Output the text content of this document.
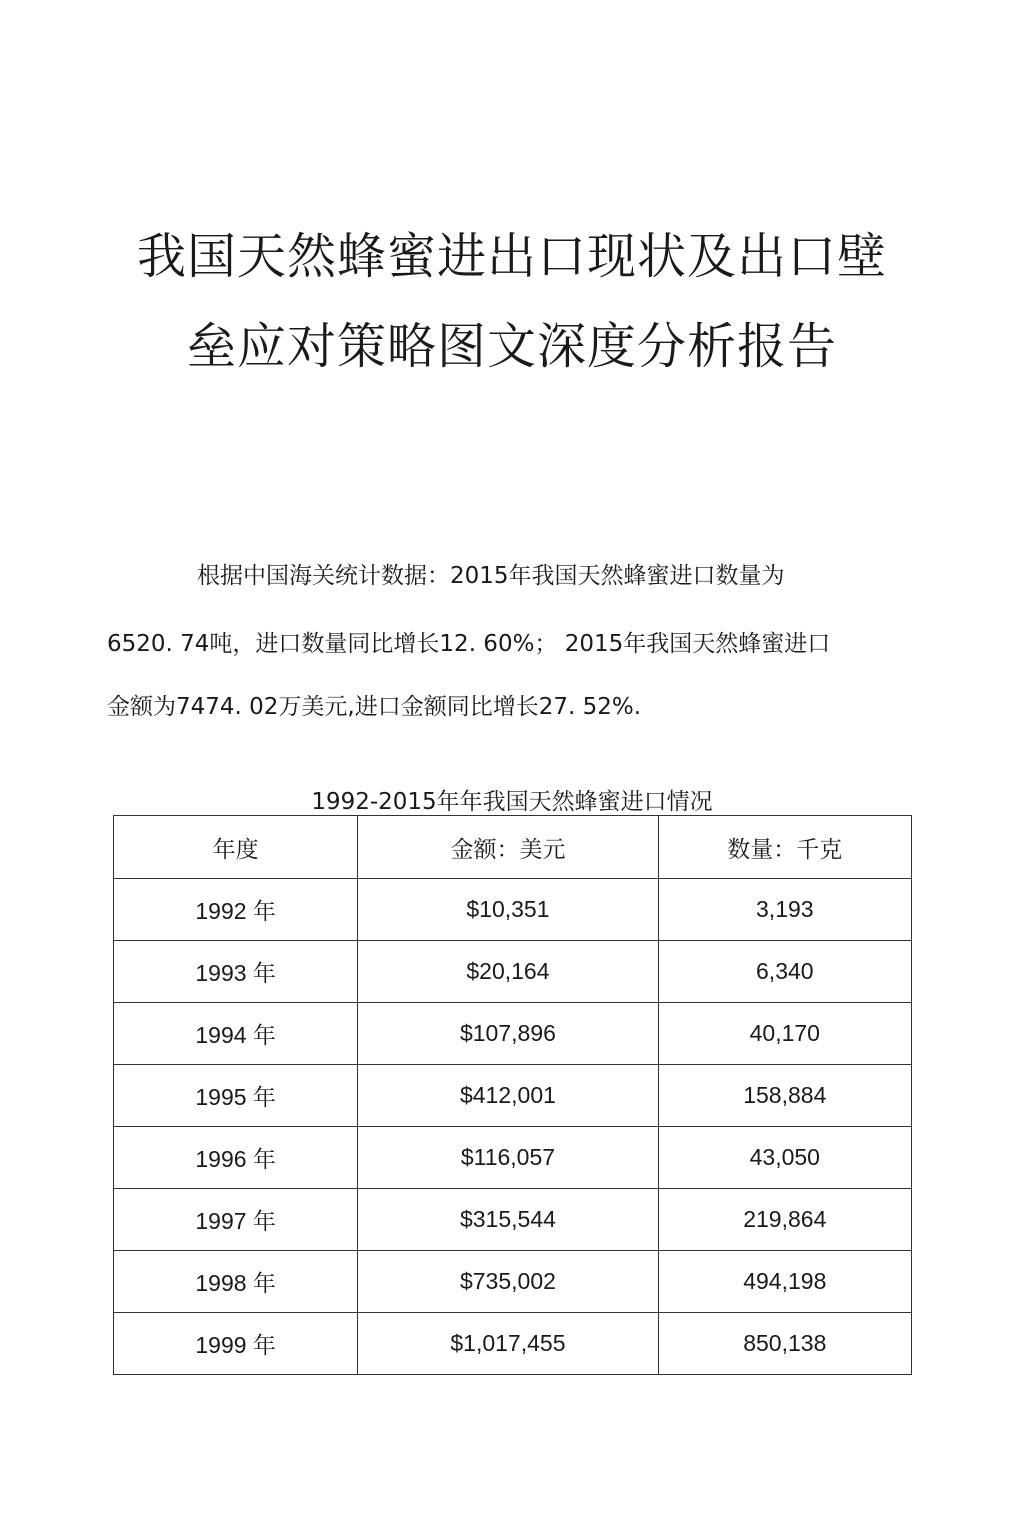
我国天然蜂蜜进出口现状及出口壁
垒应对策略图文深度分析报告

根据中国海关统计数据：2015年我国天然蜂蜜进口数量为

6520. 74吨，进口数量同比增长12. 60%； 2015年我国天然蜂蜜进口

金额为7474. 02万美元,进口金额同比增长27. 52%.

1992-2015年年我国天然蜂蜜进口情况
年度	金额：美元	数量：千克
1992 年	$10,351	3,193
1993 年	$20,164	6,340
1994 年	$107,896	40,170
1995 年	$412,001	158,884
1996 年	$116,057	43,050
1997 年	$315,544	219,864
1998 年	$735,002	494,198
1999 年	$1,017,455	850,138
